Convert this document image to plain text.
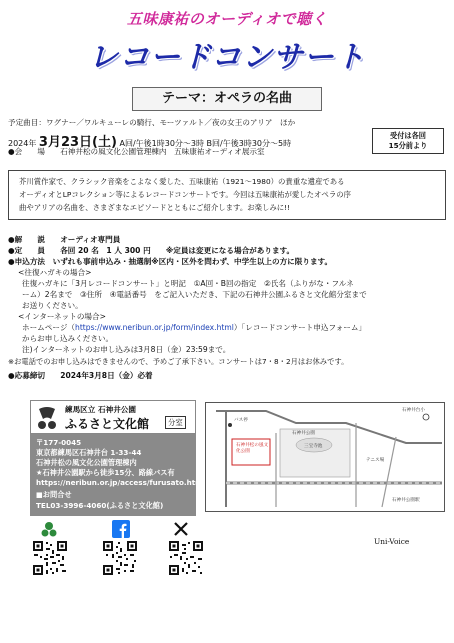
五味康祐のオーディオで聴く
レコードコンサート
テーマ：オペラの名曲
予定曲目：ワグナー／ワルキューレの騎行、モーツァルト／夜の女王のアリア　ほか
2024年 3月23日(土) A回/午後1時30分～3時 B回/午後3時30分～5時
●会　　場　　石神井松の風文化公園管理棟内　五味康祐オーディオ展示室
受付は各回
15分前より
芥川賞作家で、クラシック音楽をこよなく愛した、五味康祐（1921～1980）の貴重な遺産である
オーディオとLPコレクション等によるレコードコンサートです。今回は五味康祐が愛したオペラの序
曲やアリアの名曲を、さまざまなエピソードとともにご紹介します。お楽しみに!!
●解　　説　　オーディオ専門員
●定　　員　　各回 20 名　1 人 300 円　　※定員は変更になる場合があります。
●申込方法　いずれも事前申込み・抽選制※区内・区外を問わず、中学生以上の方に限ります。
<往復ハガキの場合>
往復ハガキに「3月レコードコンサート」と明記　①A回・B回の指定　②氏名（ふりがな・フルネ
ーム）2名まで　③住所　④電話番号　をご記入いただき、下記の石神井公園ふるさと文化館分室まで
お送りください。
<インターネットの場合>
ホームページ（https://www.neribun.or.jp/form/index.html）「レコードコンサート申込フォーム」
からお申し込みください。
注)インターネットのお申し込みは3月8日（金）23:59まで。
※お電話でのお申し込みはできませんので、予めご了承下さい。コンサートは7・8・2月はお休みです。
●応募締切　　2024年3月8日（金）必着
練馬区立 石神井公園
ふるさと文化館	分室
〒177-0045
東京都練馬区石神井台 1-33-44
石神井松の風文化公園管理棟内
★石神井公園駅から徒歩15分、路線バス有
https://neribun.or.jp/access/furusato.html
■お問合せ
TEL03-3996-4060(ふるさと文化館)
石神井松の風文化公園
石神井公園
三宝寺池
石神井公園駅
バス停
石神井台小
テニス場
Uni-Voice
